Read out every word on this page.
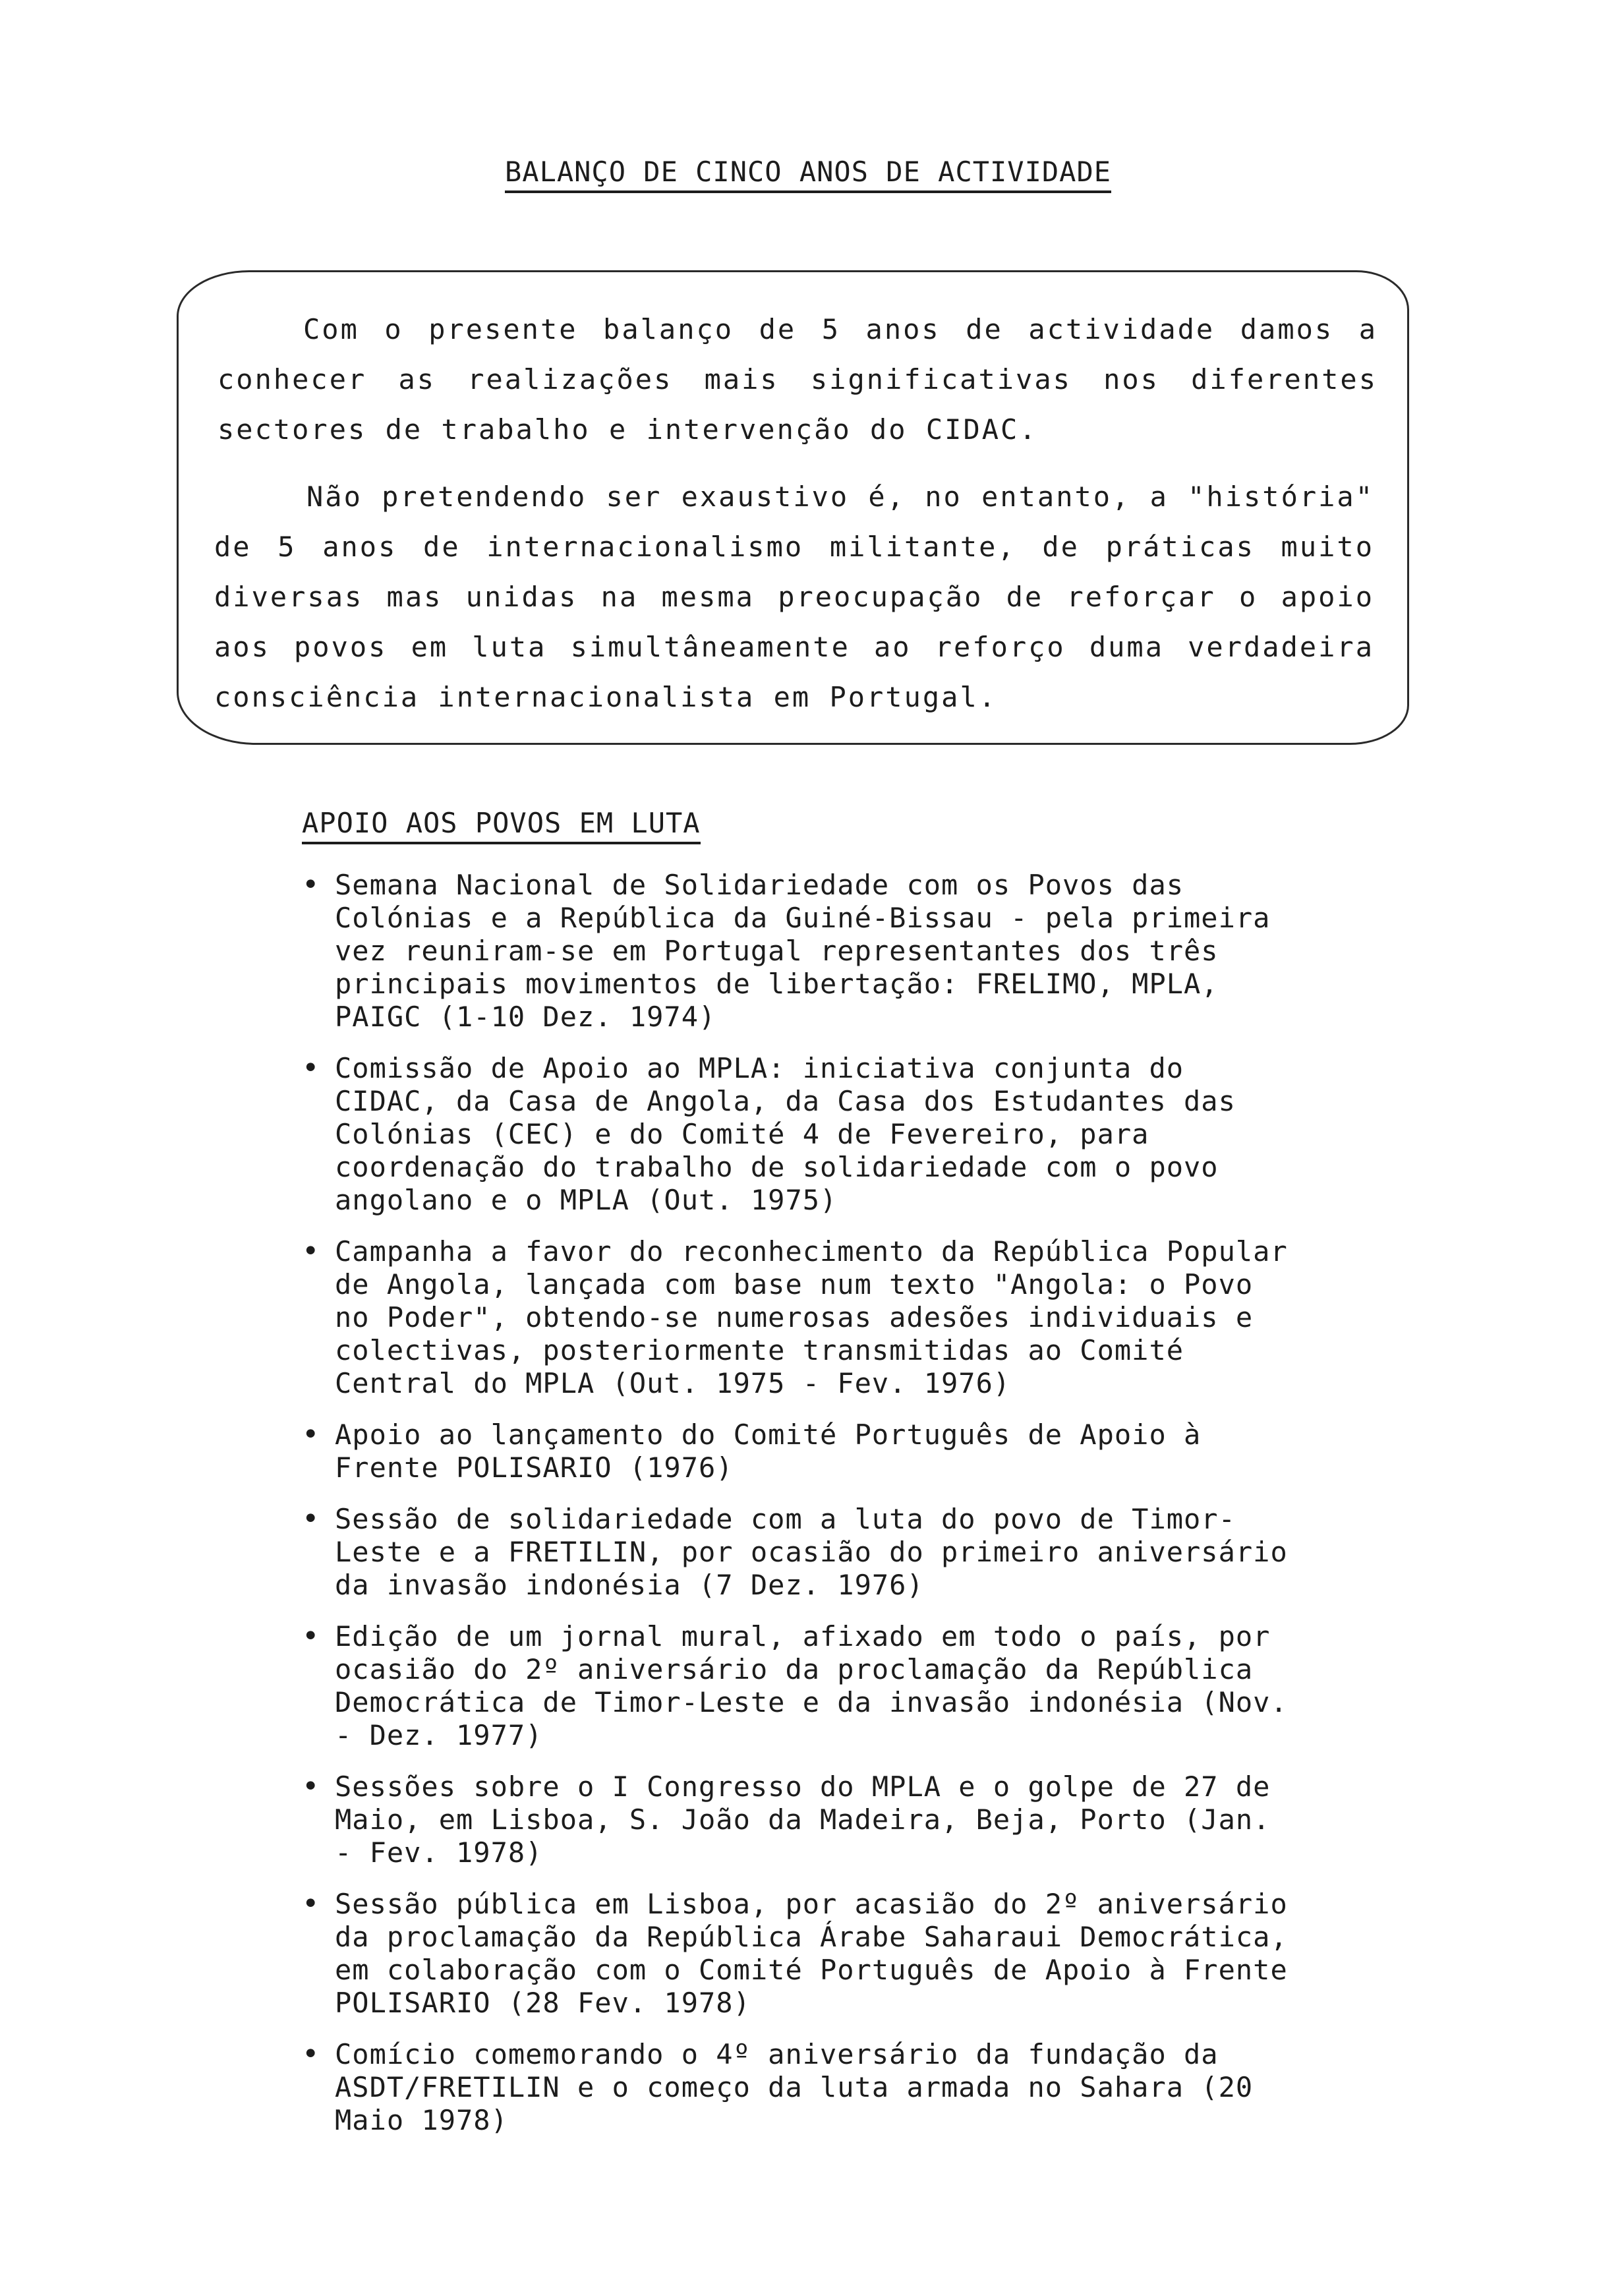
BALANÇO DE CINCO ANOS DE ACTIVIDADE
Com o presente balanço de 5 anos de actividade damos a conhecer as realizações mais significativas nos diferentes sectores de trabalho e intervenção do CIDAC.
Não pretendendo ser exaustivo é, no entanto, a "história" de 5 anos de internacionalismo militante, de práticas muito diversas mas unidas na mesma preocupação de reforçar o apoio aos povos em luta simultâneamente ao reforço duma verdadeira consciência internacionalista em Portugal.
APOIO AOS POVOS EM LUTA
• Semana Nacional de Solidariedade com os Povos das Colónias e a República da Guiné-Bissau - pela primeira vez reuniram-se em Portugal representantes dos três principais movimentos de libertação: FRELIMO, MPLA, PAIGC (1-10 Dez. 1974)
• Comissão de Apoio ao MPLA: iniciativa conjunta do CIDAC, da Casa de Angola, da Casa dos Estudantes das Colónias (CEC) e do Comité 4 de Fevereiro, para coordenação do trabalho de solidariedade com o povo angolano e o MPLA (Out. 1975)
• Campanha a favor do reconhecimento da República Popular de Angola, lançada com base num texto "Angola: o Povo no Poder", obtendo-se numerosas adesões individuais e colectivas, posteriormente transmitidas ao Comité Central do MPLA (Out. 1975 - Fev. 1976)
• Apoio ao lançamento do Comité Português de Apoio à Frente POLISARIO (1976)
• Sessão de solidariedade com a luta do povo de Timor-Leste e a FRETILIN, por ocasião do primeiro aniversário da invasão indonésia (7 Dez. 1976)
• Edição de um jornal mural, afixado em todo o país, por ocasião do 2º aniversário da proclamação da República Democrática de Timor-Leste e da invasão indonésia (Nov. - Dez. 1977)
• Sessões sobre o I Congresso do MPLA e o golpe de 27 de Maio, em Lisboa, S. João da Madeira, Beja, Porto (Jan. - Fev. 1978)
• Sessão pública em Lisboa, por acasião do 2º aniversário da proclamação da República Árabe Saharaui Democrática, em colaboração com o Comité Português de Apoio à Frente POLISARIO (28 Fev. 1978)
• Comício comemorando o 4º aniversário da fundação da ASDT/FRETILIN e o começo da luta armada no Sahara (20 Maio 1978)
